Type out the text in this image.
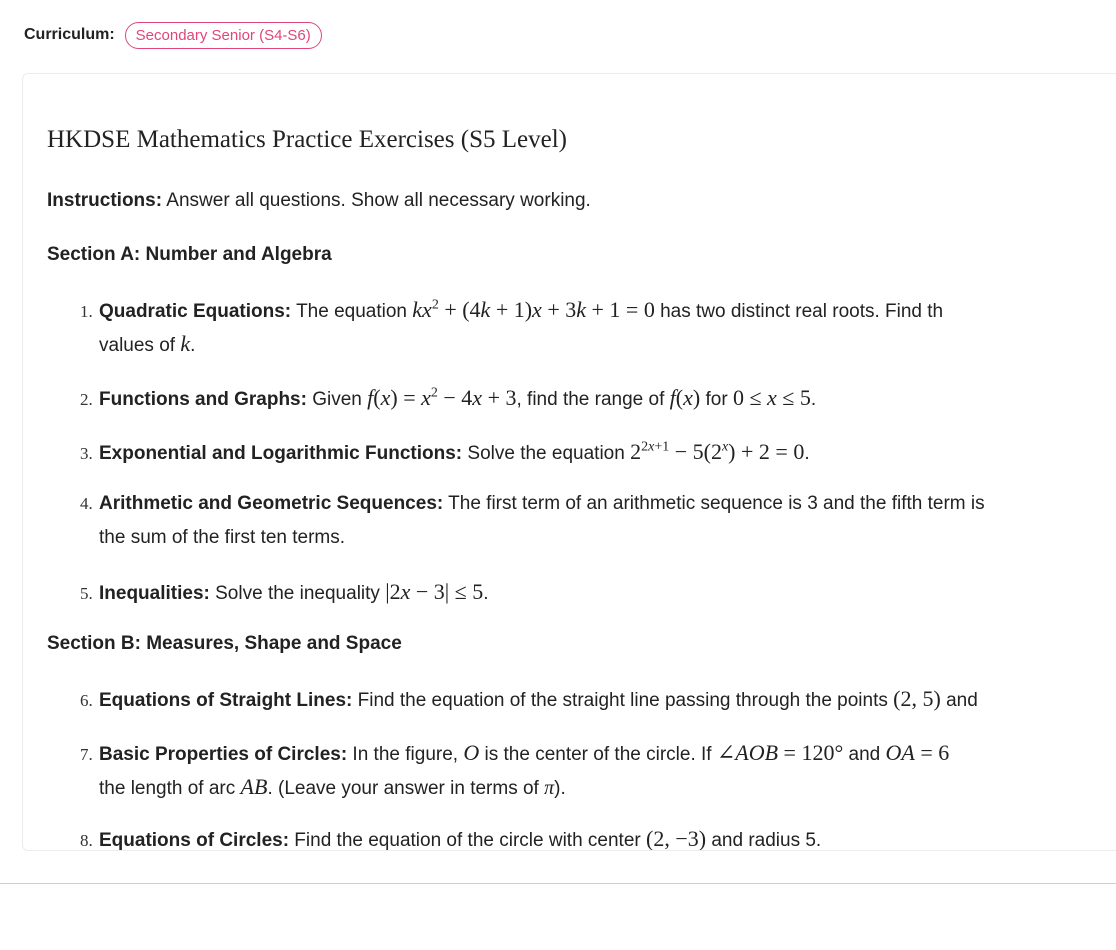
Curriculum:	Secondary Senior (S4-S6)
HKDSE Mathematics Practice Exercises (S5 Level)
Instructions: Answer all questions. Show all necessary working.
Section A: Number and Algebra
1. Quadratic Equations: The equation $kx^2 + (4k + 1)x + 3k + 1 = 0$ has two distinct real roots. Find th
values of k.
2. Functions and Graphs: Given $f(x) = x^2 - 4x + 3$, find the range of f(x) for 0 ≤ x ≤ 5.
3. Exponential and Logarithmic Functions: Solve the equation $2^{2x+1} - 5(2^x) + 2 = 0$.
4. Arithmetic and Geometric Sequences: The first term of an arithmetic sequence is 3 and the fifth term is
the sum of the first ten terms.
5. Inequalities: Solve the inequality |2x − 3| ≤ 5.
Section B: Measures, Shape and Space
6. Equations of Straight Lines: Find the equation of the straight line passing through the points (2, 5) and
7. Basic Properties of Circles: In the figure, O is the center of the circle. If ∠AOB = 120° and OA = 6
the length of arc AB. (Leave your answer in terms of π).
8. Equations of Circles: Find the equation of the circle with center (2, −3) and radius 5.
